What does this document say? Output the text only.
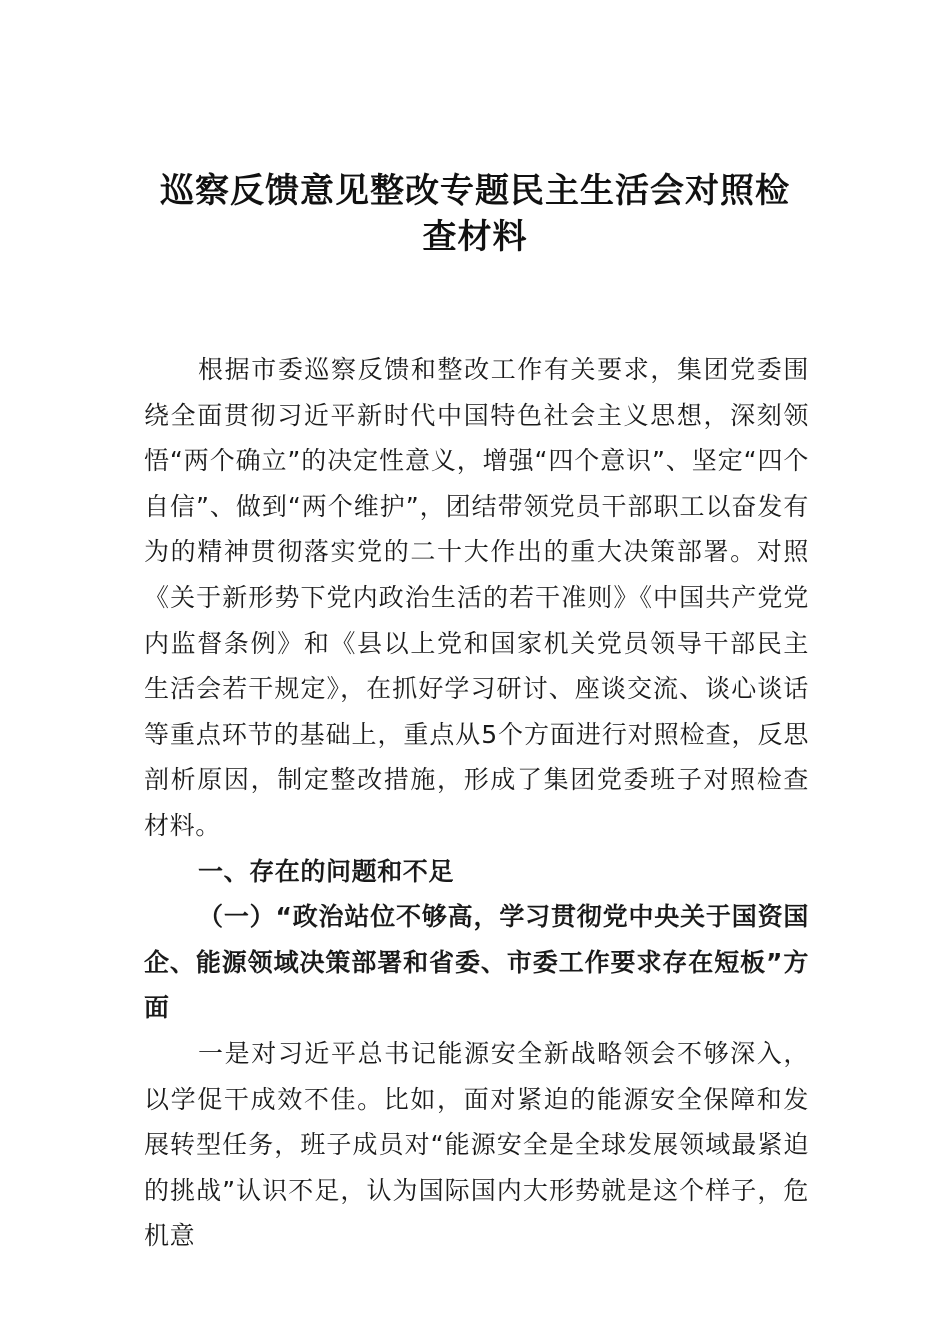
巡察反馈意见整改专题民主生活会对照检
查材料

根据市委巡察反馈和整改工作有关要求，集团党委围绕全面贯彻习近平新时代中国特色社会主义思想，深刻领悟“两个确立”的决定性意义，增强“四个意识”、坚定“四个自信”、做到“两个维护”，团结带领党员干部职工以奋发有为的精神贯彻落实党的二十大作出的重大决策部署。对照《关于新形势下党内政治生活的若干准则》《中国共产党党内监督条例》和《县以上党和国家机关党员领导干部民主生活会若干规定》，在抓好学习研讨、座谈交流、谈心谈话等重点环节的基础上，重点从5个方面进行对照检查，反思剖析原因，制定整改措施，形成了集团党委班子对照检查材料。

一、存在的问题和不足

（一）“政治站位不够高，学习贯彻党中央关于国资国企、能源领域决策部署和省委、市委工作要求存在短板”方面

一是对习近平总书记能源安全新战略领会不够深入，以学促干成效不佳。比如，面对紧迫的能源安全保障和发展转型任务，班子成员对“能源安全是全球发展领域最紧迫的挑战”认识不足，认为国际国内大形势就是这个样子，危机意
